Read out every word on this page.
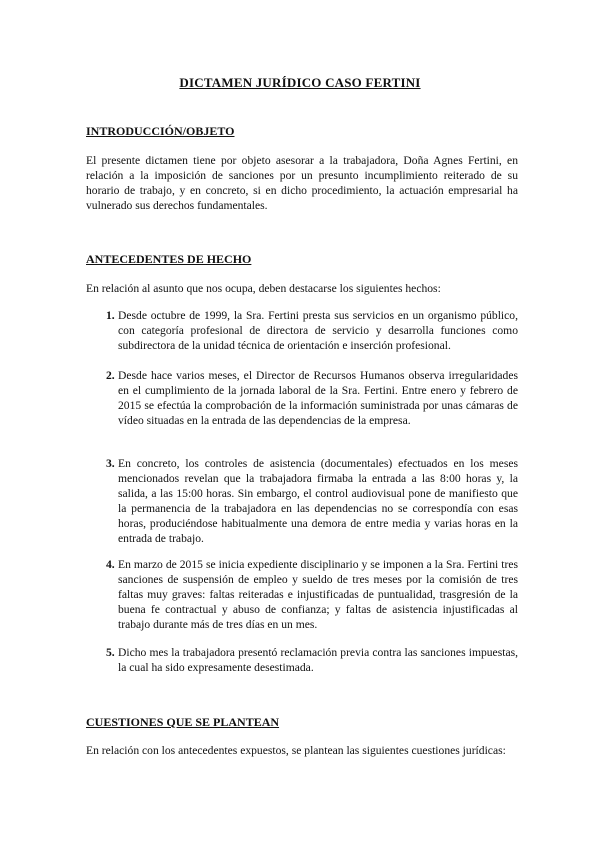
DICTAMEN JURÍDICO CASO FERTINI

INTRODUCCIÓN/OBJETO

El presente dictamen tiene por objeto asesorar a la trabajadora, Doña Agnes Fertini, en relación a la imposición de sanciones por un presunto incumplimiento reiterado de su horario de trabajo, y en concreto, si en dicho procedimiento, la actuación empresarial ha vulnerado sus derechos fundamentales.

ANTECEDENTES DE HECHO

En relación al asunto que nos ocupa, deben destacarse los siguientes hechos:

1. Desde octubre de 1999, la Sra. Fertini presta sus servicios en un organismo público, con categoría profesional de directora de servicio y desarrolla funciones como subdirectora de la unidad técnica de orientación e inserción profesional.
2. Desde hace varios meses, el Director de Recursos Humanos observa irregularidades en el cumplimiento de la jornada laboral de la Sra. Fertini. Entre enero y febrero de 2015 se efectúa la comprobación de la información suministrada por unas cámaras de vídeo situadas en la entrada de las dependencias de la empresa.
3. En concreto, los controles de asistencia (documentales) efectuados en los meses mencionados revelan que la trabajadora firmaba la entrada a las 8:00 horas y, la salida, a las 15:00 horas. Sin embargo, el control audiovisual pone de manifiesto que la permanencia de la trabajadora en las dependencias no se correspondía con esas horas, produciéndose habitualmente una demora de entre media y varias horas en la entrada de trabajo.
4. En marzo de 2015 se inicia expediente disciplinario y se imponen a la Sra. Fertini tres sanciones de suspensión de empleo y sueldo de tres meses por la comisión de tres faltas muy graves: faltas reiteradas e injustificadas de puntualidad, trasgresión de la buena fe contractual y abuso de confianza; y faltas de asistencia injustificadas al trabajo durante más de tres días en un mes.
5. Dicho mes la trabajadora presentó reclamación previa contra las sanciones impuestas, la cual ha sido expresamente desestimada.

CUESTIONES QUE SE PLANTEAN

En relación con los antecedentes expuestos, se plantean las siguientes cuestiones jurídicas:
